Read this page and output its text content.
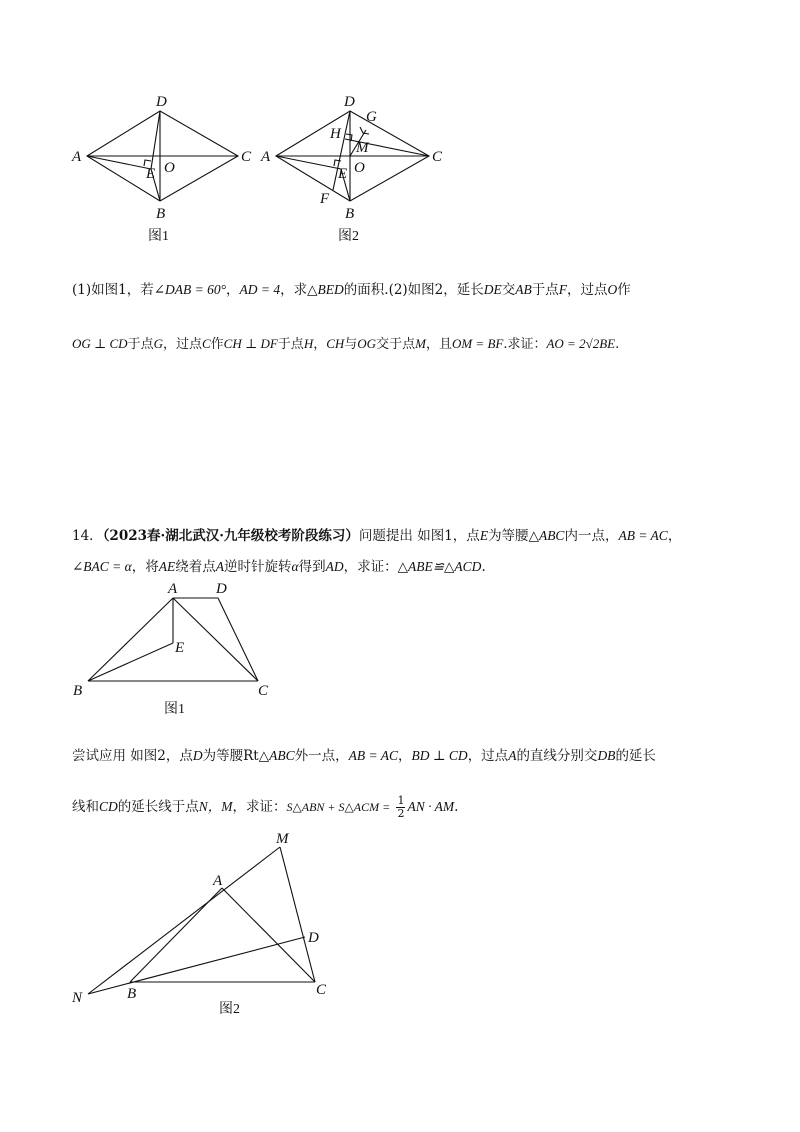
D
A	C
B
E O
图1
D
G
H
M
A	C
E O
F
B
图2
(1)如图1，若∠DAB = 60°，AD = 4，求△BED的面积.(2)如图2，延长DE交AB于点F，过点O作
OG ⊥ CD于点G，过点C作CH ⊥ DF于点H，CH与OG交于点M，且OM = BF.求证：AO = 2√2BE.
14．（2023春·湖北武汉·九年级校考阶段练习）问题提出 如图1，点E为等腰△ABC内一点，AB = AC，
∠BAC = α，将AE绕着点A逆时针旋转α得到AD，求证：△ABE≌△ACD.
A	D
E
B	C
图1
尝试应用 如图2，点D为等腰Rt△ABC外一点，AB = AC，BD ⊥ CD，过点A的直线分别交DB的延长
线和CD的延长线于点N，M，求证：S△ABN + S△ACM = $\frac{1}{2}$ AN · AM.
M
A
D
N	B	C
图2
